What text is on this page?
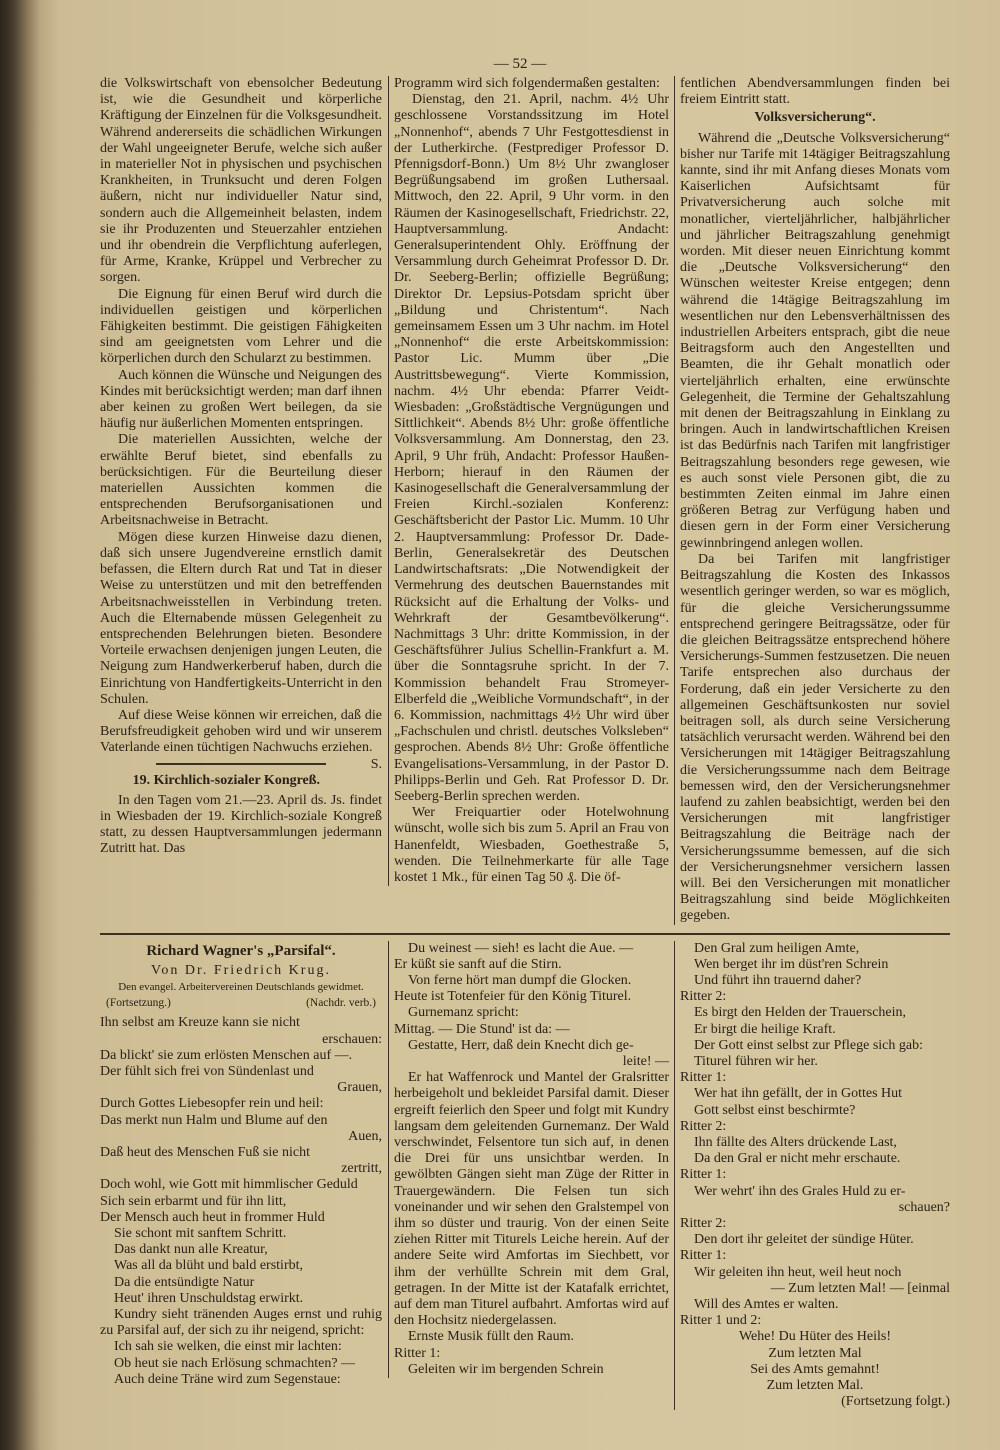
— 52 —

die Volkswirtschaft von ebensolcher Bedeutung ist, wie die Gesundheit und körperliche Kräftigung der Einzelnen für die Volksgesundheit. Während andererseits die schädlichen Wirkungen der Wahl ungeeigneter Berufe, welche sich außer in materieller Not in physischen und psychischen Krankheiten, in Trunksucht und deren Folgen äußern, nicht nur individueller Natur sind, sondern auch die Allgemeinheit belasten, indem sie ihr Produzenten und Steuerzahler entziehen und ihr obendrein die Verpflichtung auferlegen, für Arme, Kranke, Krüppel und Verbrecher zu sorgen.

Die Eignung für einen Beruf wird durch die individuellen geistigen und körperlichen Fähigkeiten bestimmt. Die geistigen Fähigkeiten sind am geeignetsten vom Lehrer und die körperlichen durch den Schularzt zu bestimmen.

Auch können die Wünsche und Neigungen des Kindes mit berücksichtigt werden; man darf ihnen aber keinen zu großen Wert beilegen, da sie häufig nur äußerlichen Momenten entspringen.

Die materiellen Aussichten, welche der erwählte Beruf bietet, sind ebenfalls zu berücksichtigen. Für die Beurteilung dieser materiellen Aussichten kommen die entsprechenden Berufsorganisationen und Arbeitsnachweise in Betracht.

Mögen diese kurzen Hinweise dazu dienen, daß sich unsere Jugendvereine ernstlich damit befassen, die Eltern durch Rat und Tat in dieser Weise zu unterstützen und mit den betreffenden Arbeitsnachweisstellen in Verbindung treten. Auch die Elternabende müssen Gelegenheit zu entsprechenden Belehrungen bieten. Besondere Vorteile erwachsen denjenigen jungen Leuten, die Neigung zum Handwerkerberuf haben, durch die Einrichtung von Handfertigkeits-Unterricht in den Schulen.

Auf diese Weise können wir erreichen, daß die Berufsfreudigkeit gehoben wird und wir unserem Vaterlande einen tüchtigen Nachwuchs erziehen.
S.

19. Kirchlich-sozialer Kongreß.

In den Tagen vom 21.—23. April ds. Js. findet in Wiesbaden der 19. Kirchlich-soziale Kongreß statt, zu dessen Hauptversammlungen jedermann Zutritt hat. Das

Programm wird sich folgendermaßen gestalten:

Dienstag, den 21. April, nachm. 4½ Uhr geschlossene Vorstandssitzung im Hotel „Nonnenhof“, abends 7 Uhr Festgottesdienst in der Lutherkirche. (Festprediger Professor D. Pfennigsdorf-Bonn.) Um 8½ Uhr zwangloser Begrüßungsabend im großen Luthersaal. Mittwoch, den 22. April, 9 Uhr vorm. in den Räumen der Kasinogesellschaft, Friedrichstr. 22, Hauptversammlung. Andacht: Generalsuperintendent Ohly. Eröffnung der Versammlung durch Geheimrat Professor D. Dr. Dr. Seeberg-Berlin; offizielle Begrüßung; Direktor Dr. Lepsius-Potsdam spricht über „Bildung und Christentum“. Nach gemeinsamem Essen um 3 Uhr nachm. im Hotel „Nonnenhof“ die erste Arbeitskommission: Pastor Lic. Mumm über „Die Austrittsbewegung“. Vierte Kommission, nachm. 4½ Uhr ebenda: Pfarrer Veidt-Wiesbaden: „Großstädtische Vergnügungen und Sittlichkeit“. Abends 8½ Uhr: große öffentliche Volksversammlung. Am Donnerstag, den 23. April, 9 Uhr früh, Andacht: Professor Haußen-Herborn; hierauf in den Räumen der Kasinogesellschaft die Generalversammlung der Freien Kirchl.-sozialen Konferenz: Geschäftsbericht der Pastor Lic. Mumm. 10 Uhr 2. Hauptversammlung: Professor Dr. Dade-Berlin, Generalsekretär des Deutschen Landwirtschaftsrats: „Die Notwendigkeit der Vermehrung des deutschen Bauernstandes mit Rücksicht auf die Erhaltung der Volks- und Wehrkraft der Gesamtbevölkerung“. Nachmittags 3 Uhr: dritte Kommission, in der Geschäftsführer Julius Schellin-Frankfurt a. M. über die Sonntagsruhe spricht. In der 7. Kommission behandelt Frau Stromeyer-Elberfeld die „Weibliche Vormundschaft“, in der 6. Kommission, nachmittags 4½ Uhr wird über „Fachschulen und christl. deutsches Volksleben“ gesprochen. Abends 8½ Uhr: Große öffentliche Evangelisations-Versammlung, in der Pastor D. Philipps-Berlin und Geh. Rat Professor D. Dr. Seeberg-Berlin sprechen werden.

Wer Freiquartier oder Hotelwohnung wünscht, wolle sich bis zum 5. April an Frau von Hanenfeldt, Wiesbaden, Goethestraße 5, wenden. Die Teilnehmerkarte für alle Tage kostet 1 Mk., für einen Tag 50 ₰. Die öf-

fentlichen Abendversammlungen finden bei freiem Eintritt statt.

Volksversicherung“.

Während die „Deutsche Volksversicherung“ bisher nur Tarife mit 14tägiger Beitragszahlung kannte, sind ihr mit Anfang dieses Monats vom Kaiserlichen Aufsichtsamt für Privatversicherung auch solche mit monatlicher, vierteljährlicher, halbjährlicher und jährlicher Beitragszahlung genehmigt worden. Mit dieser neuen Einrichtung kommt die „Deutsche Volksversicherung“ den Wünschen weitester Kreise entgegen; denn während die 14tägige Beitragszahlung im wesentlichen nur den Lebensverhältnissen des industriellen Arbeiters entsprach, gibt die neue Beitragsform auch den Angestellten und Beamten, die ihr Gehalt monatlich oder vierteljährlich erhalten, eine erwünschte Gelegenheit, die Termine der Gehaltszahlung mit denen der Beitragszahlung in Einklang zu bringen. Auch in landwirtschaftlichen Kreisen ist das Bedürfnis nach Tarifen mit langfristiger Beitragszahlung besonders rege gewesen, wie es auch sonst viele Personen gibt, die zu bestimmten Zeiten einmal im Jahre einen größeren Betrag zur Verfügung haben und diesen gern in der Form einer Versicherung gewinnbringend anlegen wollen.

Da bei Tarifen mit langfristiger Beitragszahlung die Kosten des Inkassos wesentlich geringer werden, so war es möglich, für die gleiche Versicherungssumme entsprechend geringere Beitragssätze, oder für die gleichen Beitragssätze entsprechend höhere Versicherungs-Summen festzusetzen. Die neuen Tarife entsprechen also durchaus der Forderung, daß ein jeder Versicherte zu den allgemeinen Geschäftsunkosten nur soviel beitragen soll, als durch seine Versicherung tatsächlich verursacht werden. Während bei den Versicherungen mit 14tägiger Beitragszahlung die Versicherungssumme nach dem Beitrage bemessen wird, den der Versicherungsnehmer laufend zu zahlen beabsichtigt, werden bei den Versicherungen mit langfristiger Beitragszahlung die Beiträge nach der Versicherungssumme bemessen, auf die sich der Versicherungsnehmer versichern lassen will. Bei den Versicherungen mit monatlicher Beitragszahlung sind beide Möglichkeiten gegeben.

Richard Wagner's „Parsifal“.
Von Dr. Friedrich Krug.
Den evangel. Arbeitervereinen Deutschlands gewidmet.
(Fortsetzung.)	(Nachdr. verb.)
Ihn selbst am Kreuze kann sie nicht
erschauen:
Da blickt' sie zum erlösten Menschen auf —.
Der fühlt sich frei von Sündenlast und
Grauen,
Durch Gottes Liebesopfer rein und heil:
Das merkt nun Halm und Blume auf den
Auen,
Daß heut des Menschen Fuß sie nicht
zertritt,
Doch wohl, wie Gott mit himmlischer Geduld
Sich sein erbarmt und für ihn litt,
Der Mensch auch heut in frommer Huld
Sie schont mit sanftem Schritt.
Das dankt nun alle Kreatur,
Was all da blüht und bald erstirbt,
Da die entsündigte Natur
Heut' ihren Unschuldstag erwirkt.
Kundry sieht tränenden Auges ernst und ruhig zu Parsifal auf, der sich zu ihr neigend, spricht:
Ich sah sie welken, die einst mir lachten:
Ob heut sie nach Erlösung schmachten? —
Auch deine Träne wird zum Segenstaue:
Du weinest — sieh! es lacht die Aue. —
Er küßt sie sanft auf die Stirn.
Von ferne hört man dumpf die Glocken.
Heute ist Totenfeier für den König Titurel.
Gurnemanz spricht:
Mittag. — Die Stund' ist da: —
Gestatte, Herr, daß dein Knecht dich ge-
leite! —
Er hat Waffenrock und Mantel der Gralsritter herbeigeholt und bekleidet Parsifal damit. Dieser ergreift feierlich den Speer und folgt mit Kundry langsam dem geleitenden Gurnemanz. Der Wald verschwindet, Felsentore tun sich auf, in denen die Drei für uns unsichtbar werden. In gewölbten Gängen sieht man Züge der Ritter in Trauergewändern. Die Felsen tun sich voneinander und wir sehen den Gralstempel von ihm so düster und traurig. Von der einen Seite ziehen Ritter mit Titurels Leiche herein. Auf der andere Seite wird Amfortas im Siechbett, vor ihm der verhüllte Schrein mit dem Gral, getragen. In der Mitte ist der Katafalk errichtet, auf dem man Titurel aufbahrt. Amfortas wird auf den Hochsitz niedergelassen.
Ernste Musik füllt den Raum.
Ritter 1:
Geleiten wir im bergenden Schrein
Den Gral zum heiligen Amte,
Wen berget ihr im düst'ren Schrein
Und führt ihn trauernd daher?
Ritter 2:
Es birgt den Helden der Trauerschein,
Er birgt die heilige Kraft.
Der Gott einst selbst zur Pflege sich gab:
Titurel führen wir her.
Ritter 1:
Wer hat ihn gefällt, der in Gottes Hut
Gott selbst einst beschirmte?
Ritter 2:
Ihn fällte des Alters drückende Last,
Da den Gral er nicht mehr erschaute.
Ritter 1:
Wer wehrt' ihn des Grales Huld zu er-
schauen?
Ritter 2:
Den dort ihr geleitet der sündige Hüter.
Ritter 1:
Wir geleiten ihn heut, weil heut noch
— Zum letzten Mal! — [einmal
Will des Amtes er walten.
Ritter 1 und 2:
Wehe! Du Hüter des Heils!
Zum letzten Mal
Sei des Amts gemahnt!
Zum letzten Mal.
(Fortsetzung folgt.)
